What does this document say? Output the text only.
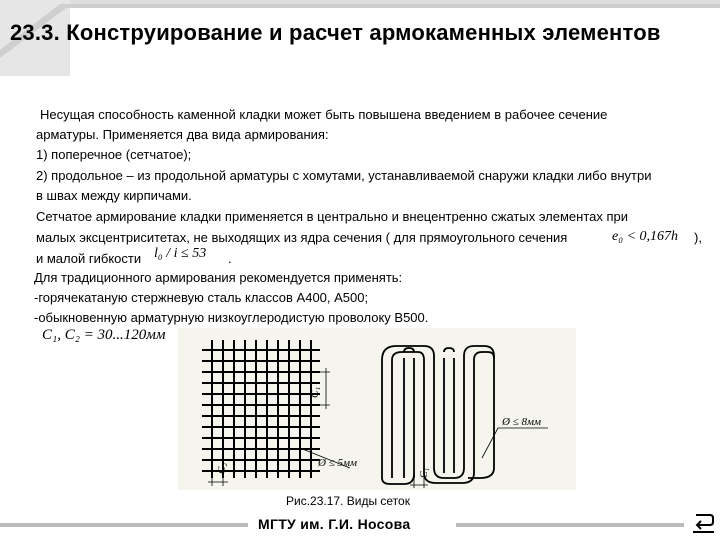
23.3. Конструирование и расчет армокаменных элементов
Несущая способность каменной кладки может быть повышена введением в рабочее сечение
арматуры. Применяется два вида армирования:
1) поперечное (сетчатое);
2) продольное – из продольной арматуры с хомутами, устанавливаемой снаружи кладки либо внутри
в швах между кирпичами.
Сетчатое армирование кладки применяется в центрально и внецентренно сжатых элементах при
малых эксцентриситетах, не выходящих из ядра сечения ( для прямоугольного сечения	e₀ < 0,167h ),
и малой гибкости l₀ / i ≤ 53 .
Для традиционного армирования рекомендуется применять:
-горячекатаную стержневую сталь классов А400, А500;
-обыкновенную арматурную низкоуглеродистую проволоку В500.
C₁, C₂ = 30...120мм
C₁
C₂	Ø ≤ 5мм
Ø ≤ 8мм
C₁
Рис.23.17. Виды сеток
МГТУ им. Г.И. Носова
